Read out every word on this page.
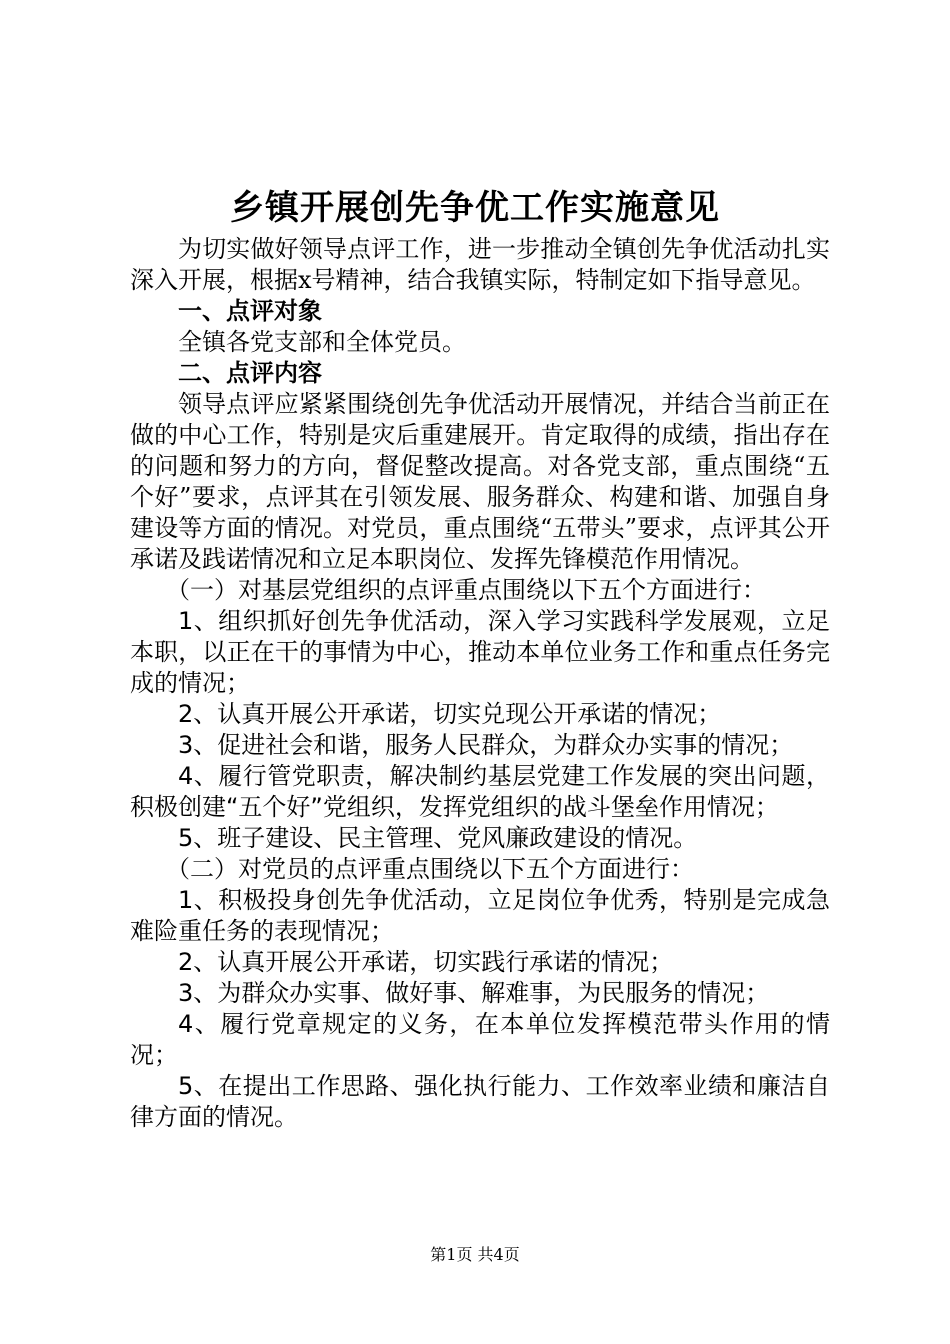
乡镇开展创先争优工作实施意见

为切实做好领导点评工作，进一步推动全镇创先争优活动扎实深入开展，根据x号精神，结合我镇实际，特制定如下指导意见。

一、点评对象

全镇各党支部和全体党员。

二、点评内容

领导点评应紧紧围绕创先争优活动开展情况，并结合当前正在做的中心工作，特别是灾后重建展开。肯定取得的成绩，指出存在的问题和努力的方向，督促整改提高。对各党支部，重点围绕“五个好”要求，点评其在引领发展、服务群众、构建和谐、加强自身建设等方面的情况。对党员，重点围绕“五带头”要求，点评其公开承诺及践诺情况和立足本职岗位、发挥先锋模范作用情况。

（一）对基层党组织的点评重点围绕以下五个方面进行：

1、组织抓好创先争优活动，深入学习实践科学发展观，立足本职，以正在干的事情为中心，推动本单位业务工作和重点任务完成的情况；

2、认真开展公开承诺，切实兑现公开承诺的情况；

3、促进社会和谐，服务人民群众，为群众办实事的情况；

4、履行管党职责，解决制约基层党建工作发展的突出问题，积极创建“五个好”党组织，发挥党组织的战斗堡垒作用情况；

5、班子建设、民主管理、党风廉政建设的情况。

（二）对党员的点评重点围绕以下五个方面进行：

1、积极投身创先争优活动，立足岗位争优秀，特别是完成急难险重任务的表现情况；

2、认真开展公开承诺，切实践行承诺的情况；

3、为群众办实事、做好事、解难事，为民服务的情况；

4、履行党章规定的义务，在本单位发挥模范带头作用的情况；

5、在提出工作思路、强化执行能力、工作效率业绩和廉洁自律方面的情况。

第1页 共4页
